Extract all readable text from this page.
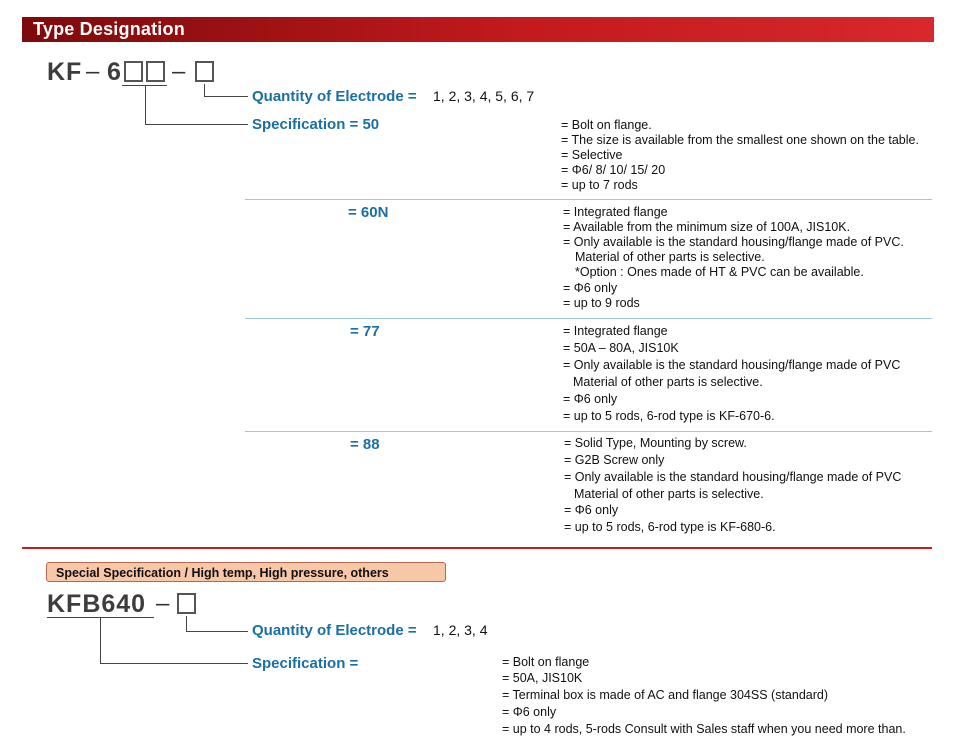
Type Designation
KF – 6 –
Quantity of Electrode = 1, 2, 3, 4, 5, 6, 7
Specification = 50	= Bolt on flange.
= The size is available from the smallest one shown on the table.
= Selective
= Φ6/ 8/ 10/ 15/ 20
= up to 7 rods
= 60N	= Integrated flange
= Available from the minimum size of 100A, JIS10K.
= Only available is the standard housing/flange made of PVC.
Material of other parts is selective.
*Option : Ones made of HT & PVC can be available.
= Φ6 only
= up to 9 rods
= 77	= Integrated flange
= 50A – 80A, JIS10K
= Only available is the standard housing/flange made of PVC
Material of other parts is selective.
= Φ6 only
= up to 5 rods, 6-rod type is KF-670-6.
= 88	= Solid Type, Mounting by screw.
= G2B Screw only
= Only available is the standard housing/flange made of PVC
Material of other parts is selective.
= Φ6 only
= up to 5 rods, 6-rod type is KF-680-6.
Special Specification / High temp, High pressure, others
KFB640 –
Quantity of Electrode = 1, 2, 3, 4
Specification =	= Bolt on flange
= 50A, JIS10K
= Terminal box is made of AC and flange 304SS (standard)
= Φ6 only
= up to 4 rods, 5-rods Consult with Sales staff when you need more than.
